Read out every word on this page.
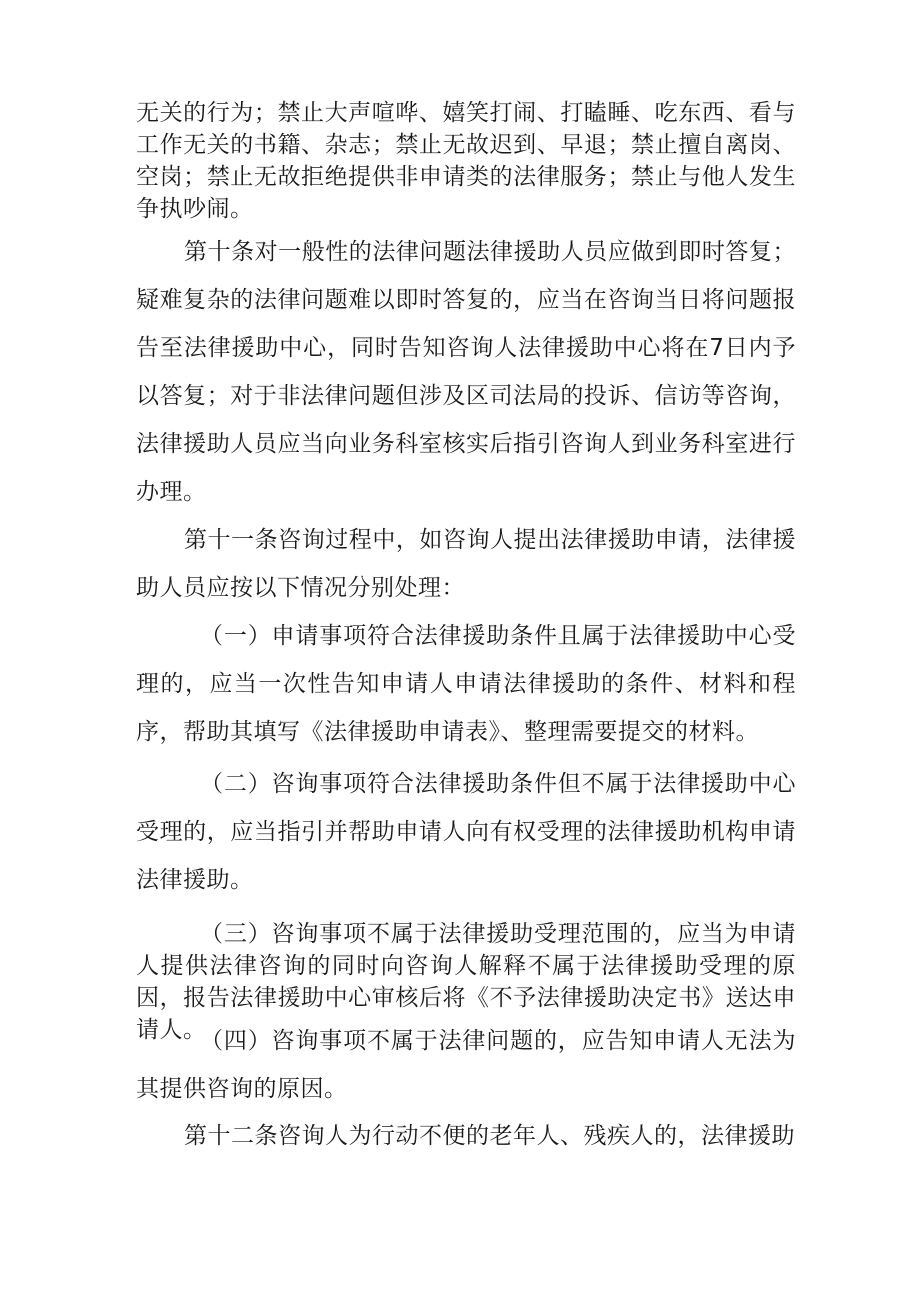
无关的行为；禁止大声喧哗、嬉笑打闹、打瞌睡、吃东西、看与工作无关的书籍、杂志；禁止无故迟到、早退；禁止擅自离岗、空岗；禁止无故拒绝提供非申请类的法律服务；禁止与他人发生争执吵闹。

第十条对一般性的法律问题法律援助人员应做到即时答复；疑难复杂的法律问题难以即时答复的，应当在咨询当日将问题报告至法律援助中心，同时告知咨询人法律援助中心将在7日内予以答复；对于非法律问题但涉及区司法局的投诉、信访等咨询，法律援助人员应当向业务科室核实后指引咨询人到业务科室进行办理。

第十一条咨询过程中，如咨询人提出法律援助申请，法律援助人员应按以下情况分别处理：

（一）申请事项符合法律援助条件且属于法律援助中心受理的，应当一次性告知申请人申请法律援助的条件、材料和程序，帮助其填写《法律援助申请表》、整理需要提交的材料。

（二）咨询事项符合法律援助条件但不属于法律援助中心受理的，应当指引并帮助申请人向有权受理的法律援助机构申请法律援助。

（三）咨询事项不属于法律援助受理范围的，应当为申请人提供法律咨询的同时向咨询人解释不属于法律援助受理的原因，报告法律援助中心审核后将《不予法律援助决定书》送达申请人。

（四）咨询事项不属于法律问题的，应告知申请人无法为其提供咨询的原因。

第十二条咨询人为行动不便的老年人、残疾人的，法律援助
